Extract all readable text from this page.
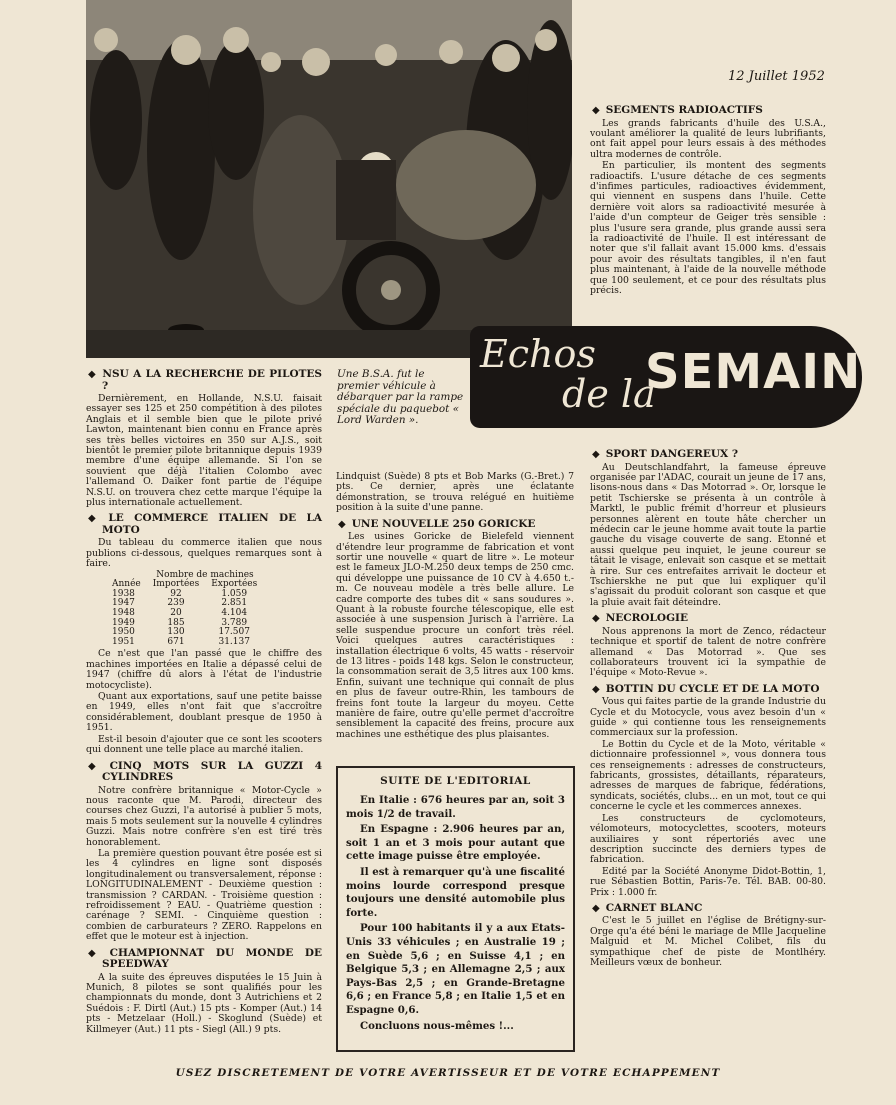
12 Juillet 1952
Echos
de la
SEMAINE
Une B.S.A. fut le premier véhicule à débarquer par la rampe spéciale du paquebot « Lord Warden ».
◆ NSU A LA RECHERCHE DE PILOTES ?

Dernièrement, en Hollande, N.S.U. faisait essayer ses 125 et 250 compétition à des pilotes Anglais et il semble bien que le pilote privé Lawton, maintenant bien connu en France après ses très belles victoires en 350 sur A.J.S., soit bientôt le premier pilote britannique depuis 1939 membre d'une équipe allemande. Si l'on se souvient que déjà l'italien Colombo avec l'allemand O. Daiker font partie de l'équipe N.S.U. on trouvera chez cette marque l'équipe la plus internationale actuellement.

◆ LE COMMERCE ITALIEN DE LA MOTO

Du tableau du commerce italien que nous publions ci-dessous, quelques remarques sont à faire.

	Nombre de machines	
Année	Importées	Exportées
1938	92	1.059
1947	239	2.851
1948	20	4.104
1949	185	3.789
1950	130	17.507
1951	671	31.137

Ce n'est que l'an passé que le chiffre des machines importées en Italie a dépassé celui de 1947 (chiffre dû alors à l'état de l'industrie motocycliste).

Quant aux exportations, sauf une petite baisse en 1949, elles n'ont fait que s'accroître considérablement, doublant presque de 1950 à 1951.

Est-il besoin d'ajouter que ce sont les scooters qui donnent une telle place au marché italien.

◆ CINQ MOTS SUR LA GUZZI 4 CYLINDRES

Notre confrère britannique « Motor-Cycle » nous raconte que M. Parodi, directeur des courses chez Guzzi, l'a autorisé à publier 5 mots, mais 5 mots seulement sur la nouvelle 4 cylindres Guzzi. Mais notre confrère s'en est tiré très honorablement.

La première question pouvant être posée est si les 4 cylindres en ligne sont disposés longitudinalement ou transversalement, réponse : LONGITUDINALEMENT - Deuxième question : transmission ? CARDAN. - Troisième question : refroidissement ? EAU. - Quatrième question : carénage ? SEMI. - Cinquième question : combien de carburateurs ? ZERO. Rappelons en effet que le moteur est à injection.

◆ CHAMPIONNAT DU MONDE DE SPEEDWAY

A la suite des épreuves disputées le 15 Juin à Munich, 8 pilotes se sont qualifiés pour les championnats du monde, dont 3 Autrichiens et 2 Suédois : F. Dirtl (Aut.) 15 pts - Komper (Aut.) 14 pts - Metzelaar (Holl.) - Skoglund (Suède) et Killmeyer (Aut.) 11 pts - Siegl (All.) 9 pts.

Lindquist (Suède) 8 pts et Bob Marks (G.-Bret.) 7 pts. Ce dernier, après une éclatante démonstration, se trouva relégué en huitième position à la suite d'une panne.

◆ UNE NOUVELLE 250 GORICKE

Les usines Goricke de Bielefeld viennent d'étendre leur programme de fabrication et vont sortir une nouvelle « quart de litre ». Le moteur est le fameux JLO-M.250 deux temps de 250 cmc. qui développe une puissance de 10 CV à 4.650 t.-m. Ce nouveau modèle a très belle allure. Le cadre comporte des tubes dit « sans soudures ». Quant à la robuste fourche télescopique, elle est associée à une suspension Jurisch à l'arrière. La selle suspendue procure un confort très réel. Voici quelques autres caractéristiques : installation électrique 6 volts, 45 watts - réservoir de 13 litres - poids 148 kgs. Selon le constructeur, la consommation serait de 3,5 litres aux 100 kms. Enfin, suivant une technique qui connaît de plus en plus de faveur outre-Rhin, les tambours de freins font toute la largeur du moyeu. Cette manière de faire, outre qu'elle permet d'accroître sensiblement la capacité des freins, procure aux machines une esthétique des plus plaisantes.

SUITE DE L'EDITORIAL

En Italie : 676 heures par an, soit 3 mois 1/2 de travail.

En Espagne : 2.906 heures par an, soit 1 an et 3 mois pour autant que cette image puisse être employée.

Il est à remarquer qu'à une fiscalité moins lourde correspond presque toujours une densité automobile plus forte.

Pour 100 habitants il y a aux Etats-Unis 33 véhicules ; en Australie 19 ; en Suède 5,6 ; en Suisse 4,1 ; en Belgique 5,3 ; en Allemagne 2,5 ; aux Pays-Bas 2,5 ; en Grande-Bretagne 6,6 ; en France 5,8 ; en Italie 1,5 et en Espagne 0,6.

Concluons nous-mêmes !...

◆ SEGMENTS RADIOACTIFS

Les grands fabricants d'huile des U.S.A., voulant améliorer la qualité de leurs lubrifiants, ont fait appel pour leurs essais à des méthodes ultra modernes de contrôle.

En particulier, ils montent des segments radioactifs. L'usure détache de ces segments d'infimes particules, radioactives évidemment, qui viennent en suspens dans l'huile. Cette dernière voit alors sa radioactivité mesurée à l'aide d'un compteur de Geiger très sensible : plus l'usure sera grande, plus grande aussi sera la radioactivité de l'huile. Il est intéressant de noter que s'il fallait avant 15.000 kms. d'essais pour avoir des résultats tangibles, il n'en faut plus maintenant, à l'aide de la nouvelle méthode que 100 seulement, et ce pour des résultats plus précis.

◆ SPORT DANGEREUX ?

Au Deutschlandfahrt, la fameuse épreuve organisée par l'ADAC, courait un jeune de 17 ans, lisons-nous dans « Das Motorrad ». Or, lorsque le petit Tschierske se présenta à un contrôle à Marktl, le public frémit d'horreur et plusieurs personnes alèrent en toute hâte chercher un médecin car le jeune homme avait toute la partie gauche du visage couverte de sang. Etonné et aussi quelque peu inquiet, le jeune coureur se tâtait le visage, enlevait son casque et se mettait à rire. Sur ces entrefaites arrivait le docteur et Tschierskhe ne put que lui expliquer qu'il s'agissait du produit colorant son casque et que la pluie avait fait déteindre.

◆ NECROLOGIE

Nous apprenons la mort de Zenco, rédacteur technique et sportif de talent de notre confrère allemand « Das Motorrad ». Que ses collaborateurs trouvent ici la sympathie de l'équipe « Moto-Revue ».

◆ BOTTIN DU CYCLE ET DE LA MOTO

Vous qui faites partie de la grande Industrie du Cycle et du Motocycle, vous avez besoin d'un « guide » qui contienne tous les renseignements commerciaux sur la profession.

Le Bottin du Cycle et de la Moto, véritable « dictionnaire professionnel », vous donnera tous ces renseignements : adresses de constructeurs, fabricants, grossistes, détaillants, réparateurs, adresses de marques de fabrique, fédérations, syndicats, sociétés, clubs... en un mot, tout ce qui concerne le cycle et les commerces annexes.

Les constructeurs de cyclomoteurs, vélomoteurs, motocyclettes, scooters, moteurs auxiliaires y sont répertoriés avec une description succincte des derniers types de fabrication.

Edité par la Société Anonyme Didot-Bottin, 1, rue Sébastien Bottin, Paris-7e. Tél. BAB. 00-80. Prix : 1.000 fr.

◆ CARNET BLANC

C'est le 5 juillet en l'église de Brétigny-sur-Orge qu'a été béni le mariage de Mlle Jacqueline Malguid et M. Michel Colibet, fils du sympathique chef de piste de Montlhéry. Meilleurs vœux de bonheur.

USEZ DISCRETEMENT DE VOTRE AVERTISSEUR ET DE VOTRE ECHAPPEMENT
